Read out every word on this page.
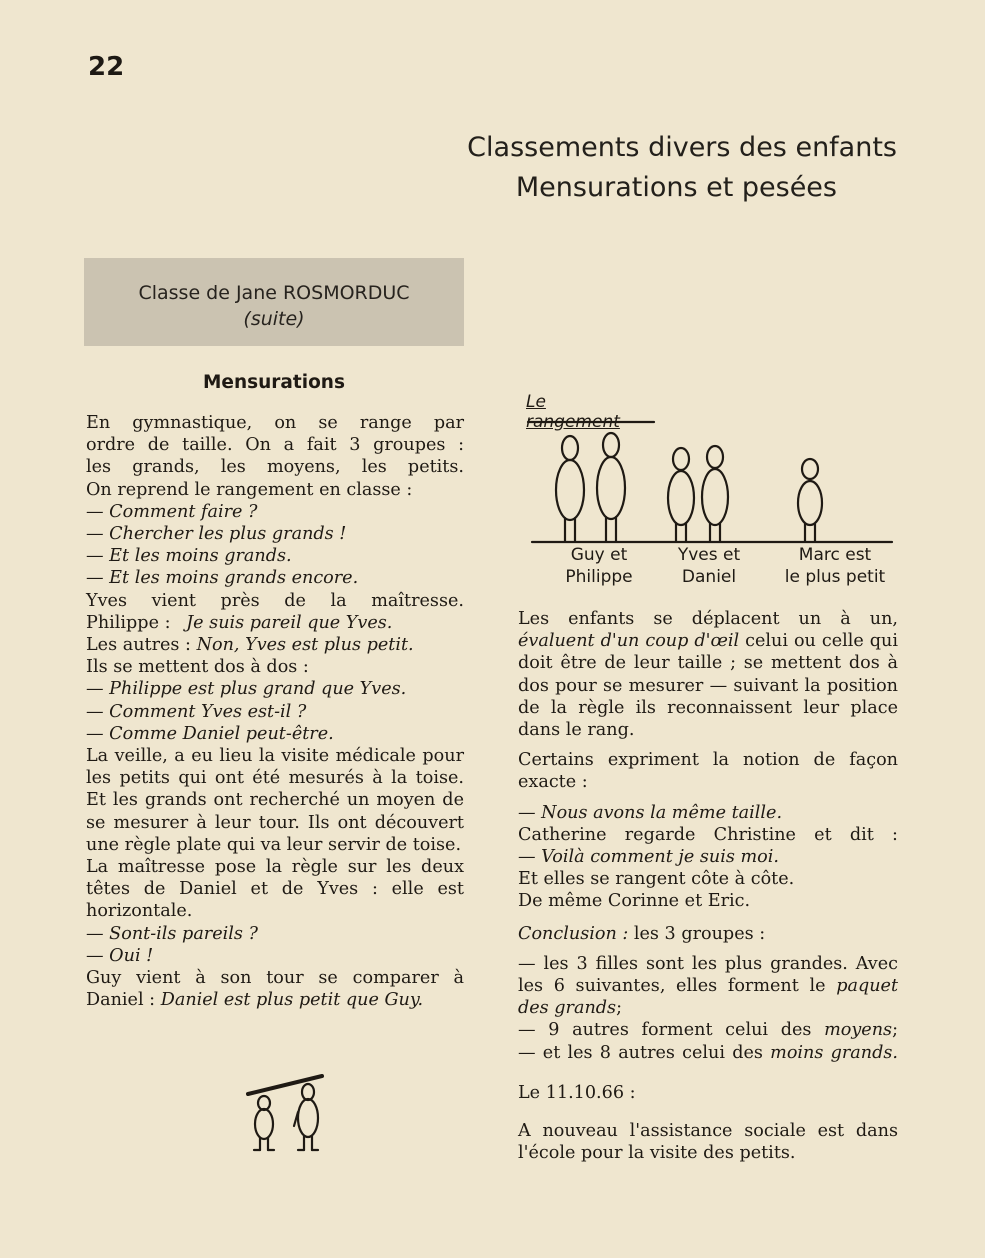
22
Classements divers des enfants

Mensurations et pesées
Classe de Jane ROSMORDUC

(suite)
Mensurations

En gymnastique, on se range par

ordre de taille. On a fait 3 groupes :

les grands, les moyens, les petits.

On reprend le rangement en classe :

— Comment faire ?

— Chercher les plus grands !

— Et les moins grands.

— Et les moins grands encore.

Yves vient près de la maîtresse.

Philippe : Je suis pareil que Yves.

Les autres : Non, Yves est plus petit.

Ils se mettent dos à dos :

— Philippe est plus grand que Yves.

— Comment Yves est-il ?

— Comme Daniel peut-être.

La veille, a eu lieu la visite médicale pour les petits qui ont été mesurés à la toise. Et les grands ont recherché un moyen de se mesurer à leur tour. Ils ont découvert une règle plate qui va leur servir de toise.

La maîtresse pose la règle sur les deux têtes de Daniel et de Yves : elle est horizontale.

— Sont-ils pareils ?

— Oui !

Guy vient à son tour se comparer à

Daniel : Daniel est plus petit que Guy.

Le rangement
Guy et
Philippe
Yves et
Daniel
Marc est
le plus petit

Les enfants se déplacent un à un, évaluent d'un coup d'œil celui ou celle qui doit être de leur taille ; se mettent dos à dos pour se mesurer — suivant la position de la règle ils reconnaissent leur place dans le rang.

Certains expriment la notion de façon exacte :

— Nous avons la même taille.

Catherine regarde Christine et dit :

— Voilà comment je suis moi.

Et elles se rangent côte à côte.

De même Corinne et Eric.

Conclusion : les 3 groupes :

— les 3 filles sont les plus grandes. Avec les 6 suivantes, elles forment le paquet des grands;

— 9 autres forment celui des moyens;

— et les 8 autres celui des moins grands.

Le 11.10.66 :

A nouveau l'assistance sociale est dans l'école pour la visite des petits.
